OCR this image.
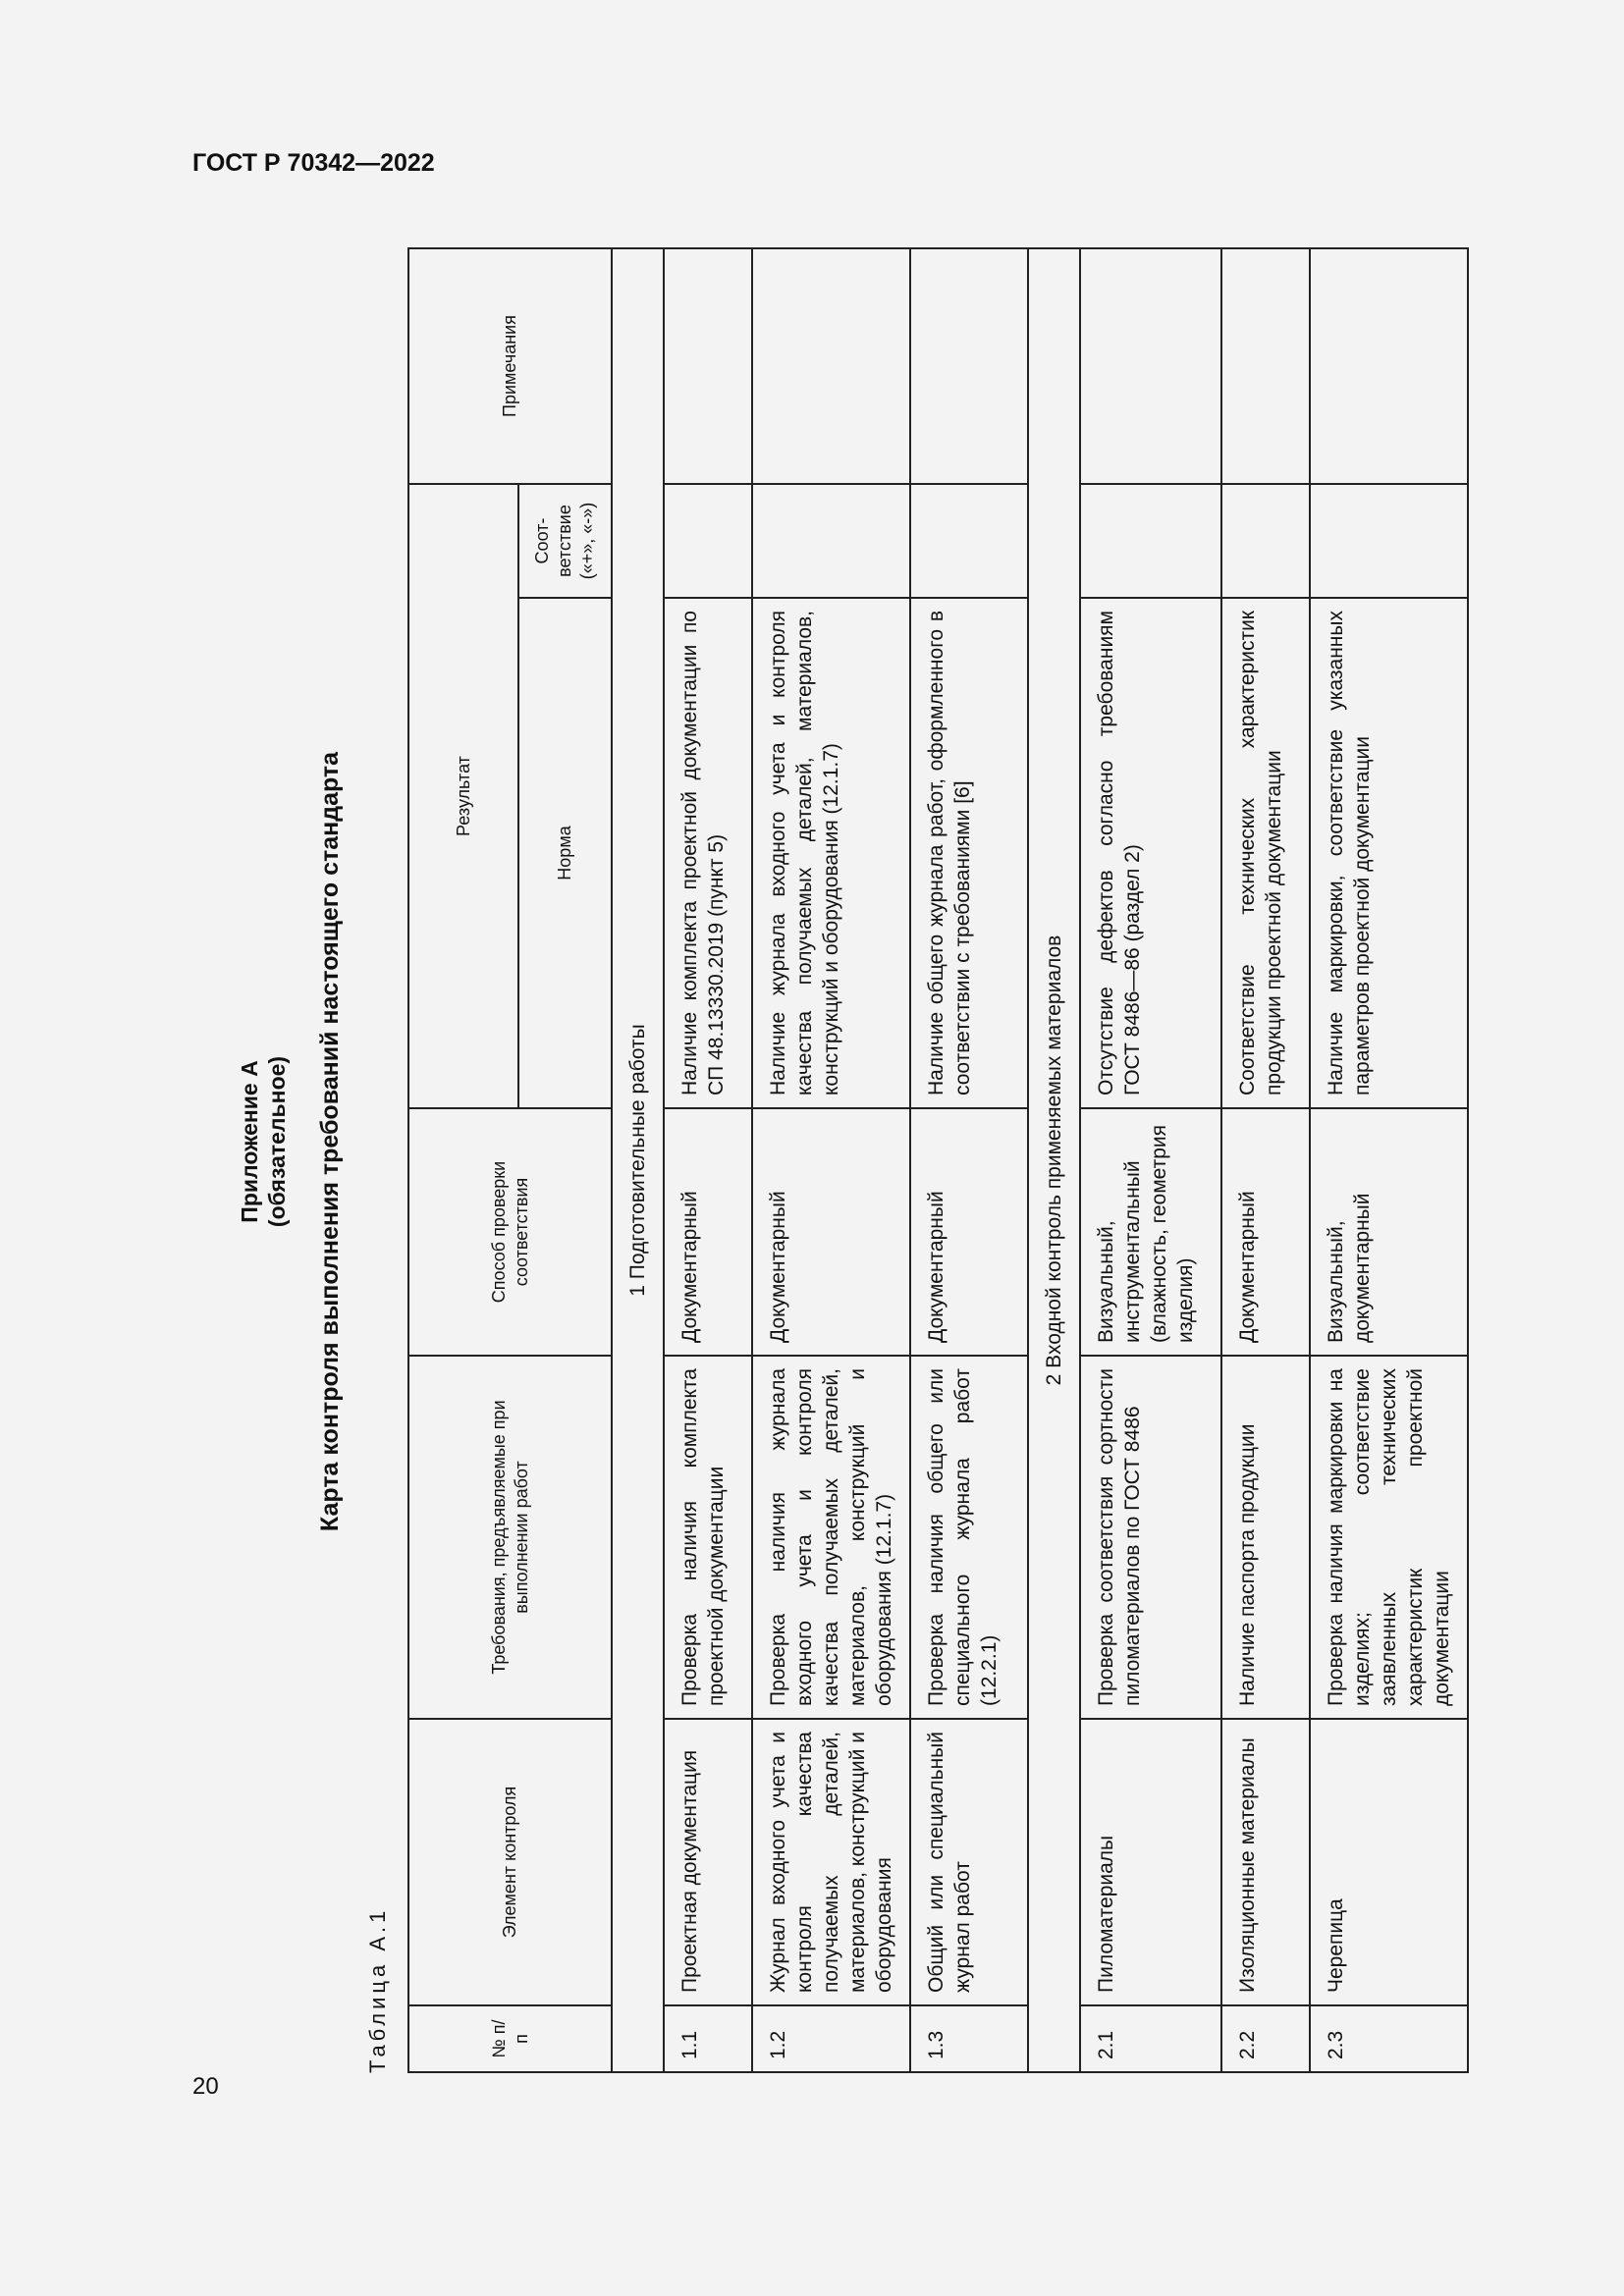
ГОСТ Р 70342—2022
Приложение А (обязательное) Карта контроля выполнения требований настоящего стандарта
Таблица А.1	№ п/п	Элемент контроля	Требования, предъявляемые при выполнении работ	Способ проверки соответствия	Результат		Примечания
				Норма	Соот-ветствие («+», «-»)	
1 Подготовительные работы						
1.1	Проектная документация	Проверка наличия комплекта проектной документации	Документарный	Наличие комплекта проектной документации по СП 48.13330.2019 (пункт 5)		
1.2	Журнал входного учета и контроля качества получаемых деталей, материалов, конструкций и оборудования	Проверка наличия журнала входного учета и контроля качества получаемых деталей, материалов, конструкций и оборудования (12.1.7)	Документарный	Наличие журнала входного учета и контроля качества получаемых деталей, материалов, конструкций и оборудования (12.1.7)		
1.3	Общий или специальный журнал работ	Проверка наличия общего или специального журнала работ (12.2.1)	Документарный	Наличие общего журнала работ, оформленного в соответствии с требованиями [6]		
2 Входной контроль применяемых материалов						
2.1	Пиломатериалы	Проверка соответствия сортности пиломатериалов по ГОСТ 8486	Визуальный, инструментальный (влажность, геометрия изделия)	Отсутствие дефектов согласно требованиям ГОСТ 8486—86 (раздел 2)		
2.2	Изоляционные материалы	Наличие паспорта продукции	Документарный	Соответствие технических характеристик продукции проектной документации		
2.3	Черепица	Проверка наличия маркировки на изделиях; соответствие заявленных технических характеристик проектной документации	Визуальный, документарный	Наличие маркировки, соответствие указанных параметров проектной документации		
20
